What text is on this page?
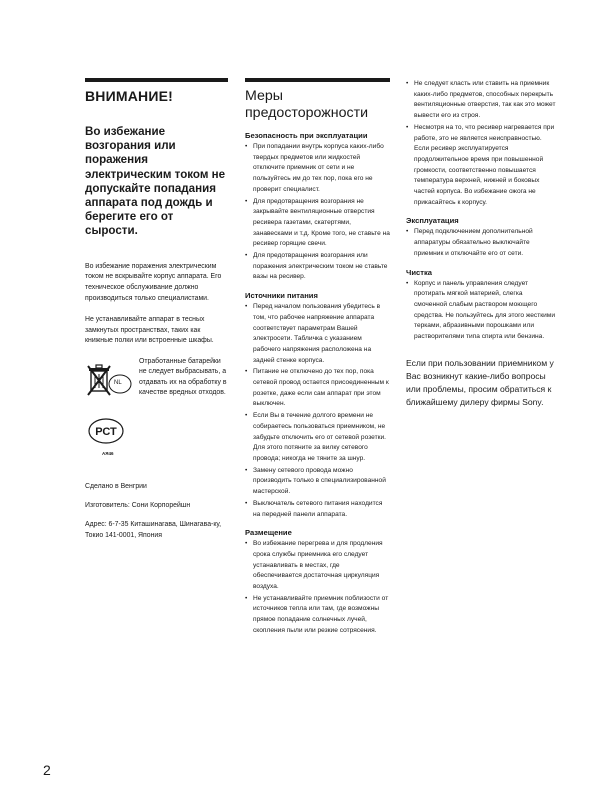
ВНИМАНИЕ!
Во избежание возгорания или поражения электрическим током не допускайте попадания аппарата под дождь и берегите его от сырости.
Во избежание поражения электрическим током не вскрывайте корпус аппарата. Его техническое обслуживание должно производиться только специалистами.
Не устанавливайте аппарат в тесных замкнутых пространствах, таких как книжные полки или встроенные шкафы.
NL
Отработанные батарейки не следует выбрасывать, а отдавать их на обработку в качестве вредных отходов.
РСТ
АЯ46
Сделано в Венгрии
Изготовитель: Сони Корпорейшн
Адрес: 6-7-35 Киташинагава, Шинагава-ку, Токио 141-0001, Япония
Меры предосторожности
Безопасность при эксплуатации
• При попадании внутрь корпуса каких-либо твердых предметов или жидкостей отключите приемник от сети и не пользуйтесь им до тех пор, пока его не проверит специалист.
• Для предотвращения возгорания не закрывайте вентиляционные отверстия ресивера газетами, скатертями, занавесками и т.д. Кроме того, не ставьте на ресивер горящие свечи.
• Для предотвращения возгорания или поражения электрическим током не ставьте вазы на ресивер.
Источники питания
• Перед началом пользования убедитесь в том, что рабочее напряжение аппарата соответствует параметрам Вашей электросети. Табличка с указанием рабочего напряжения расположена на задней стенке корпуса.
• Питание не отключено до тех пор, пока сетевой провод остается присоединенным к розетке, даже если сам аппарат при этом выключен.
• Если Вы в течение долгого времени не собираетесь пользоваться приемником, не забудьте отключить его от сетевой розетки. Для этого потяните за вилку сетевого провода; никогда не тяните за шнур.
• Замену сетевого провода можно производить только в специализированной мастерской.
• Выключатель сетевого питания находится на передней панели аппарата.
Размещение
• Во избежание перегрева и для продления срока службы приемника его следует устанавливать в местах, где обеспечивается достаточная циркуляция воздуха.
• Не устанавливайте приемник поблизости от источников тепла или там, где возможны прямое попадание солнечных лучей, скопления пыли или резкие сотрясения.
• Не следует класть или ставить на приемник каких-либо предметов, способных перекрыть вентиляционные отверстия, так как это может вывести его из строя.
• Несмотря на то, что ресивер нагревается при работе, это не является неисправностью. Если ресивер эксплуатируется продолжительное время при повышенной громкости, соответственно повышается температура верхней, нижней и боковых частей корпуса. Во избежание ожога не прикасайтесь к корпусу.
Эксплуатация
• Перед подключением дополнительной аппаратуры обязательно выключайте приемник и отключайте его от сети.
Чистка
• Корпус и панель управления следует протирать мягкой материей, слегка смоченной слабым раствором моющего средства. Не пользуйтесь для этого жесткими терками, абразивными порошками или растворителями типа спирта или бензина.
Если при пользовании приемником у Вас возникнут какие-либо вопросы или проблемы, просим обратиться к ближайшему дилеру фирмы Sony.
2
